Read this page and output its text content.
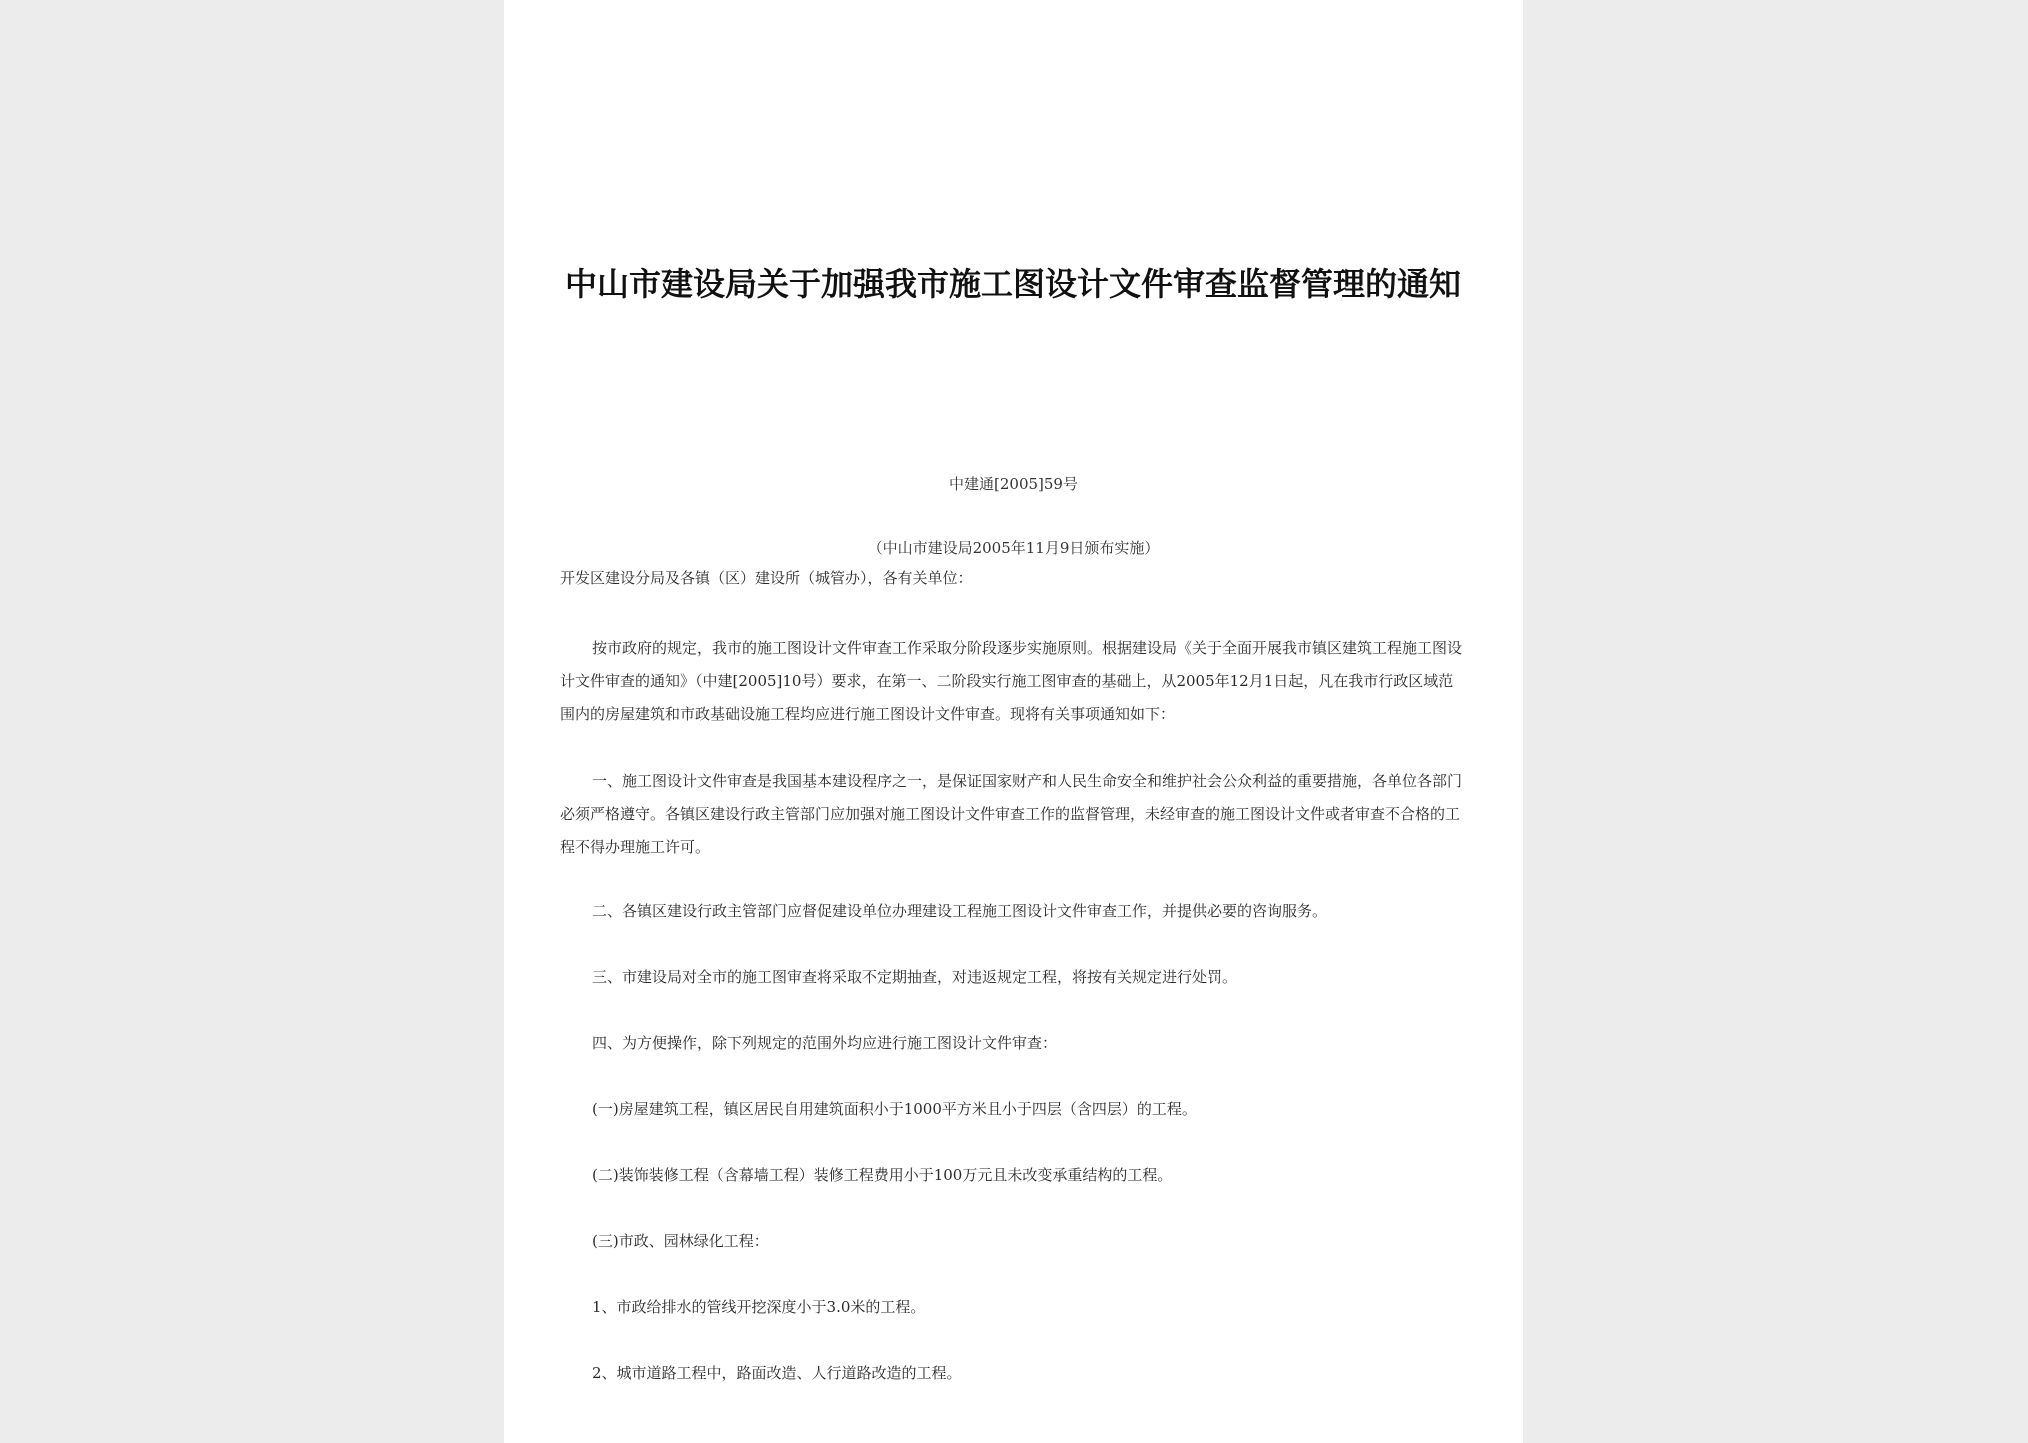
中山市建设局关于加强我市施工图设计文件审查监督管理的通知
中建通[2005]59号
（中山市建设局2005年11月9日颁布实施）

开发区建设分局及各镇（区）建设所（城管办），各有关单位：

按市政府的规定，我市的施工图设计文件审查工作采取分阶段逐步实施原则。根据建设局《关于全面开展我市镇区建筑工程施工图设计文件审查的通知》（中建[2005]10号）要求，在第一、二阶段实行施工图审查的基础上，从2005年12月1日起，凡在我市行政区域范围内的房屋建筑和市政基础设施工程均应进行施工图设计文件审查。现将有关事项通知如下：

一、施工图设计文件审查是我国基本建设程序之一，是保证国家财产和人民生命安全和维护社会公众利益的重要措施，各单位各部门必须严格遵守。各镇区建设行政主管部门应加强对施工图设计文件审查工作的监督管理，未经审查的施工图设计文件或者审查不合格的工程不得办理施工许可。

二、各镇区建设行政主管部门应督促建设单位办理建设工程施工图设计文件审查工作，并提供必要的咨询服务。

三、市建设局对全市的施工图审查将采取不定期抽查，对违返规定工程，将按有关规定进行处罚。

四、为方便操作，除下列规定的范围外均应进行施工图设计文件审查：

(一)房屋建筑工程，镇区居民自用建筑面积小于1000平方米且小于四层（含四层）的工程。

(二)装饰装修工程（含幕墙工程）装修工程费用小于100万元且未改变承重结构的工程。

(三)市政、园林绿化工程：

1、市政给排水的管线开挖深度小于3.0米的工程。

2、城市道路工程中，路面改造、人行道路改造的工程。
